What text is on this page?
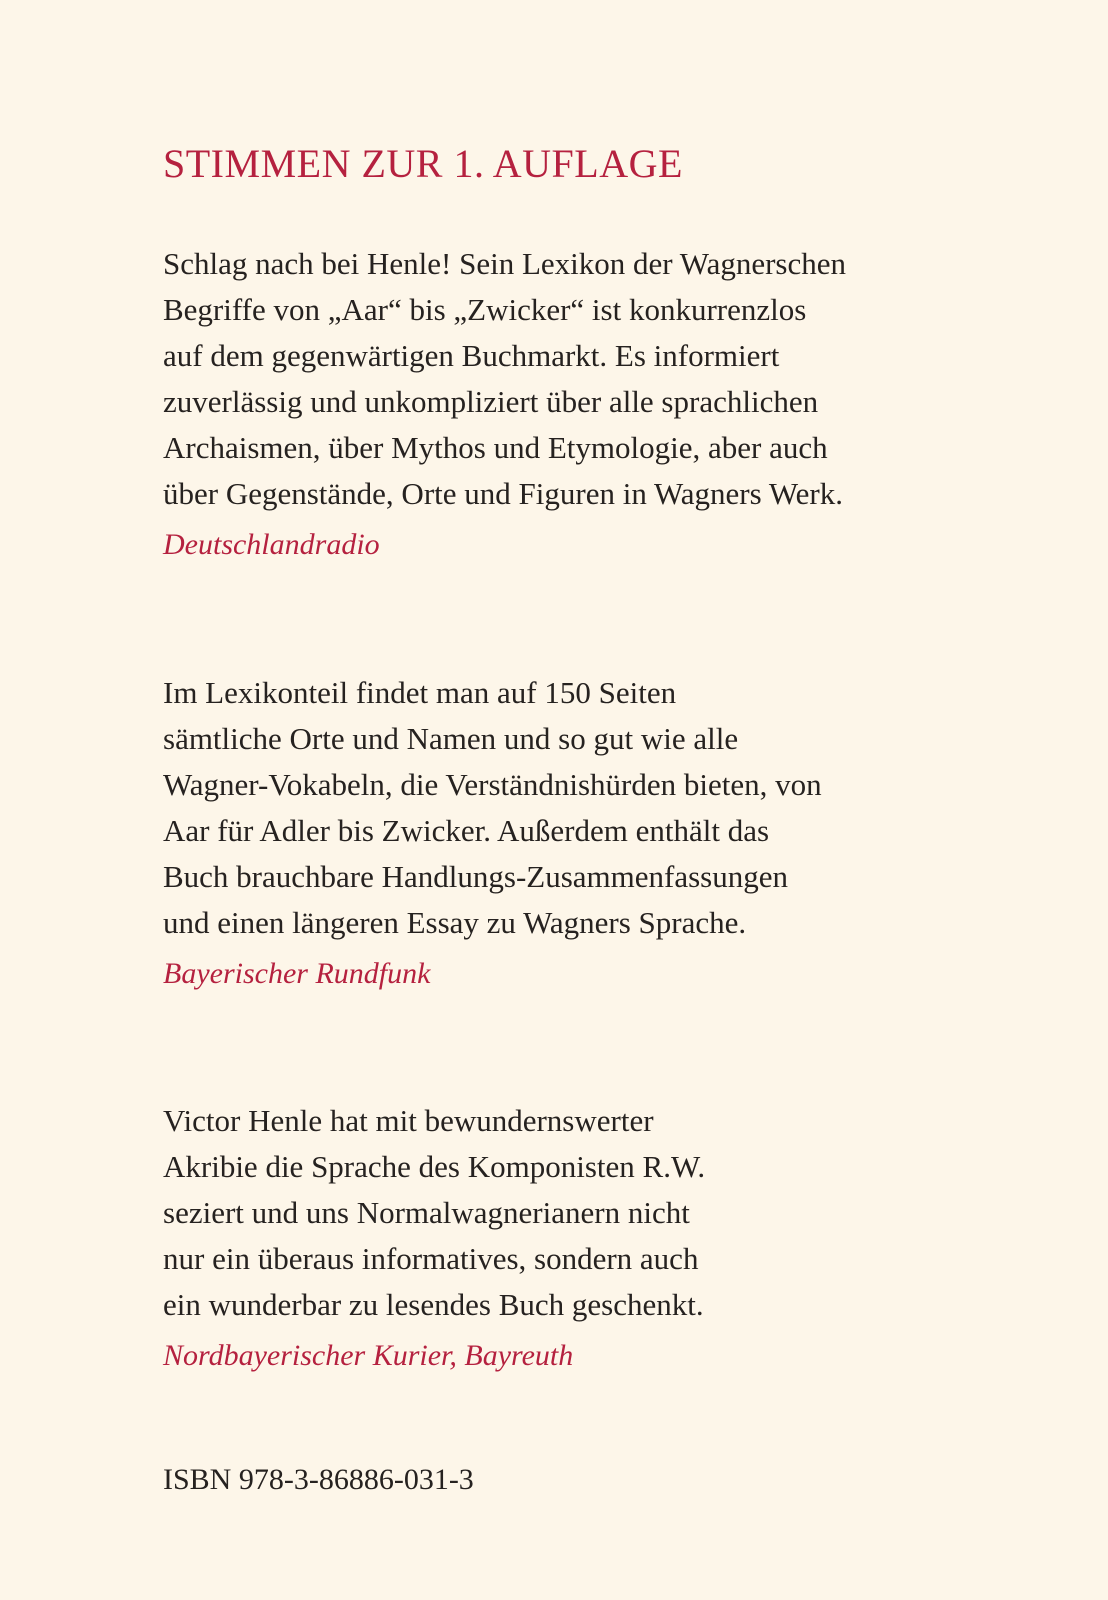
STIMMEN ZUR 1. AUFLAGE
Schlag nach bei Henle! Sein Lexikon der Wagnerschen
Begriffe von „Aar“ bis „Zwicker“ ist konkurrenzlos
auf dem gegenwärtigen Buchmarkt. Es informiert
zuverlässig und unkompliziert über alle sprachlichen
Archaismen, über Mythos und Etymologie, aber auch
über Gegenstände, Orte und Figuren in Wagners Werk.
Deutschlandradio
Im Lexikonteil findet man auf 150 Seiten
sämtliche Orte und Namen und so gut wie alle
Wagner-Vokabeln, die Verständnishürden bieten, von
Aar für Adler bis Zwicker. Außerdem enthält das
Buch brauchbare Handlungs-Zusammenfassungen
und einen längeren Essay zu Wagners Sprache.
Bayerischer Rundfunk
Victor Henle hat mit bewundernswerter
Akribie die Sprache des Komponisten R.W.
seziert und uns Normalwagnerianern nicht
nur ein überaus informatives, sondern auch
ein wunderbar zu lesendes Buch geschenkt.
Nordbayerischer Kurier, Bayreuth
ISBN 978-3-86886-031-3
